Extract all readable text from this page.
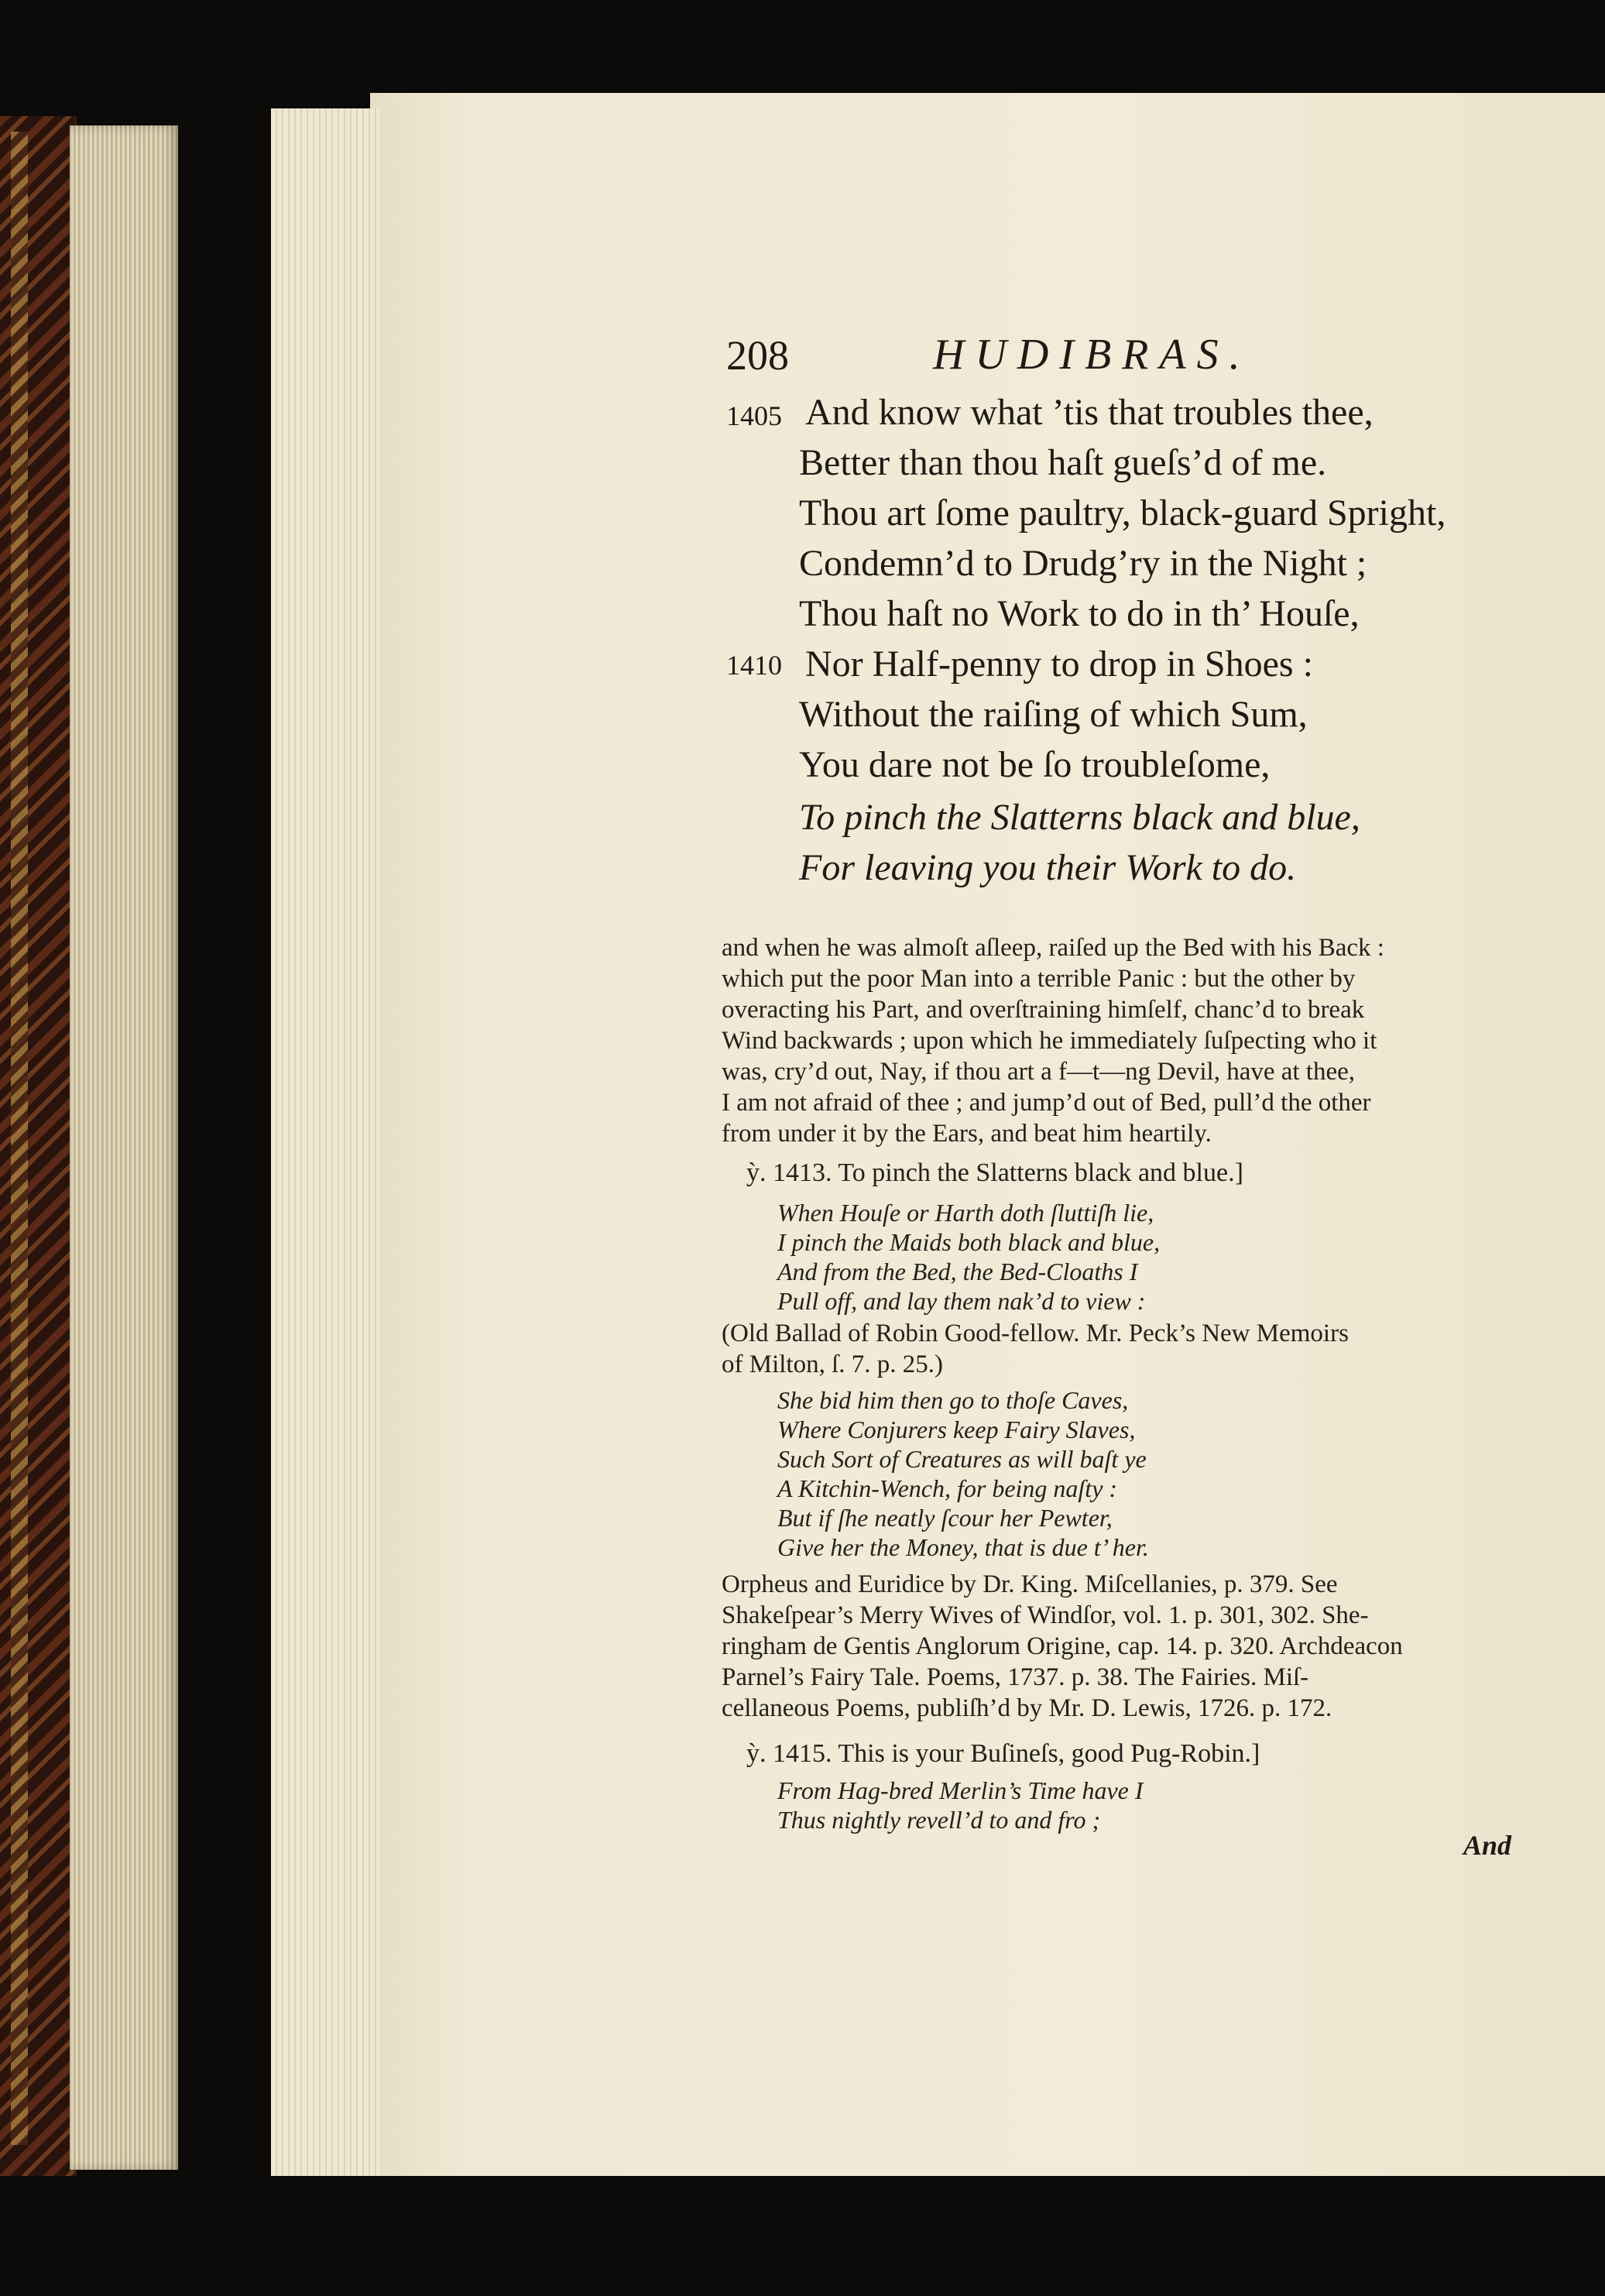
208	HUDIBRAS.
1405
1410
And know what ’tis that troubles thee,
Better than thou haſt gueſs’d of me.
Thou art ſome paultry, black-guard Spright,
Condemn’d to Drudg’ry in the Night ;
Thou haſt no Work to do in th’ Houſe,
Nor Half-penny to drop in Shoes :
Without the raiſing of which Sum,
You dare not be ſo troubleſome,
To pinch the Slatterns black and blue,
For leaving you their Work to do.
and when he was almoſt aſleep, raiſed up the Bed with his Back :
which put the poor Man into a terrible Panic : but the other by
overacting his Part, and overſtraining himſelf, chanc’d to break
Wind backwards ; upon which he immediately ſuſpecting who it
was, cry’d out, Nay, if thou art a f—t—ng Devil, have at thee,
I am not afraid of thee ; and jump’d out of Bed, pull’d the other
from under it by the Ears, and beat him heartily.
ỳ. 1413. To pinch the Slatterns black and blue.]
When Houſe or Harth doth ſluttiſh lie,
I pinch the Maids both black and blue,
And from the Bed, the Bed-Cloaths I
Pull off, and lay them nak’d to view :
(Old Ballad of Robin Good-fellow. Mr. Peck’s New Memoirs
of Milton, ſ. 7. p. 25.)
She bid him then go to thoſe Caves,
Where Conjurers keep Fairy Slaves,
Such Sort of Creatures as will baſt ye
A Kitchin-Wench, for being naſty :
But if ſhe neatly ſcour her Pewter,
Give her the Money, that is due t’ her.
Orpheus and Euridice by Dr. King. Miſcellanies, p. 379. See
Shakeſpear’s Merry Wives of Windſor, vol. 1. p. 301, 302. She-
ringham de Gentis Anglorum Origine, cap. 14. p. 320. Archdeacon
Parnel’s Fairy Tale. Poems, 1737. p. 38. The Fairies. Miſ-
cellaneous Poems, publiſh’d by Mr. D. Lewis, 1726. p. 172.
ỳ. 1415. This is your Buſineſs, good Pug-Robin.]
From Hag-bred Merlin’s Time have I
Thus nightly revell’d to and fro ;
And
